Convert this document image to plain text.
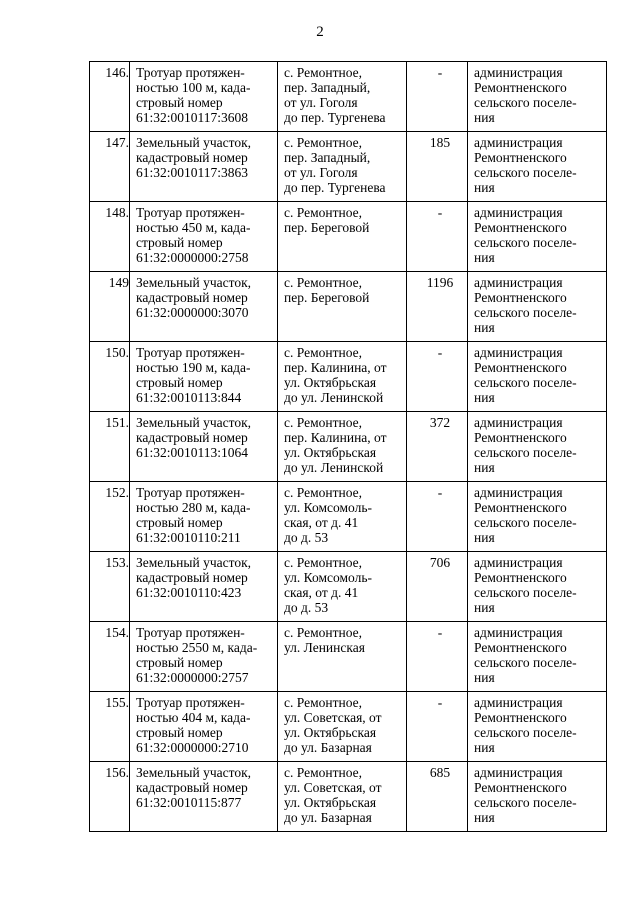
2
146.	Тротуар протяжен-
ностью 100 м, када-
стровый номер
61:32:0010117:3608	с. Ремонтное,
пер. Западный,
от ул. Гоголя
до пер. Тургенева	-	администрация
Ремонтненского
сельского поселе-
ния
147.	Земельный участок,
кадастровый номер
61:32:0010117:3863	с. Ремонтное,
пер. Западный,
от ул. Гоголя
до пер. Тургенева	185	администрация
Ремонтненского
сельского поселе-
ния
148.	Тротуар протяжен-
ностью 450 м, када-
стровый номер
61:32:0000000:2758	с. Ремонтное,
пер. Береговой	-	администрация
Ремонтненского
сельского поселе-
ния
149	Земельный участок,
кадастровый номер
61:32:0000000:3070	с. Ремонтное,
пер. Береговой	1196	администрация
Ремонтненского
сельского поселе-
ния
150.	Тротуар протяжен-
ностью 190 м, када-
стровый номер
61:32:0010113:844	с. Ремонтное,
пер. Калинина, от
ул. Октябрьская
до ул. Ленинской	-	администрация
Ремонтненского
сельского поселе-
ния
151.	Земельный участок,
кадастровый номер
61:32:0010113:1064	с. Ремонтное,
пер. Калинина, от
ул. Октябрьская
до ул. Ленинской	372	администрация
Ремонтненского
сельского поселе-
ния
152.	Тротуар протяжен-
ностью 280 м, када-
стровый номер
61:32:0010110:211	с. Ремонтное,
ул. Комсомоль-
ская, от д. 41
до д. 53	-	администрация
Ремонтненского
сельского поселе-
ния
153.	Земельный участок,
кадастровый номер
61:32:0010110:423	с. Ремонтное,
ул. Комсомоль-
ская, от д. 41
до д. 53	706	администрация
Ремонтненского
сельского поселе-
ния
154.	Тротуар протяжен-
ностью 2550 м, када-
стровый номер
61:32:0000000:2757	с. Ремонтное,
ул. Ленинская	-	администрация
Ремонтненского
сельского поселе-
ния
155.	Тротуар протяжен-
ностью 404 м, када-
стровый номер
61:32:0000000:2710	с. Ремонтное,
ул. Советская, от
ул. Октябрьская
до ул. Базарная	-	администрация
Ремонтненского
сельского поселе-
ния
156.	Земельный участок,
кадастровый номер
61:32:0010115:877	с. Ремонтное,
ул. Советская, от
ул. Октябрьская
до ул. Базарная	685	администрация
Ремонтненского
сельского поселе-
ния
